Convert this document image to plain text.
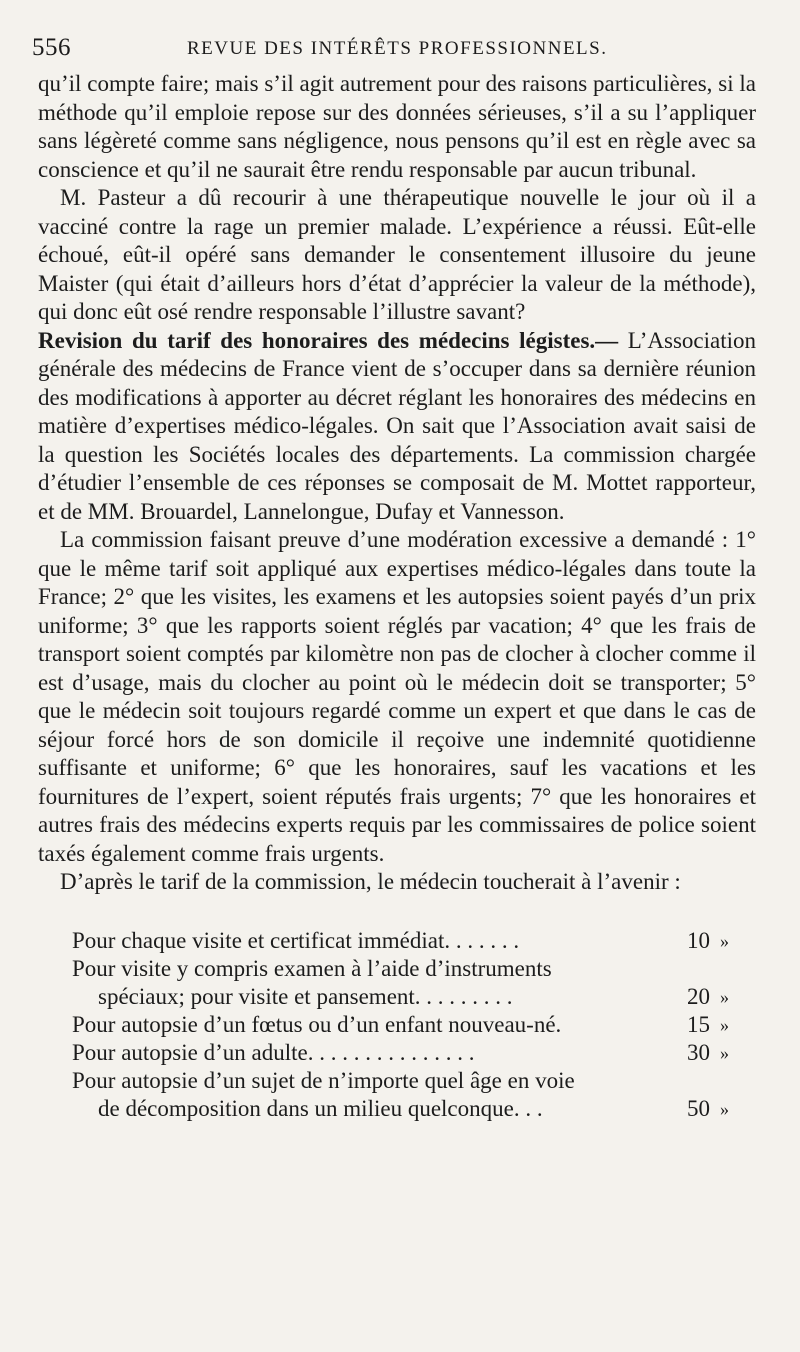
556	REVUE DES INTÉRÊTS PROFESSIONNELS.

qu’il compte faire; mais s’il agit autrement pour des raisons particulières, si la méthode qu’il emploie repose sur des données sérieuses, s’il a su l’appliquer sans légèreté comme sans négligence, nous pensons qu’il est en règle avec sa conscience et qu’il ne saurait être rendu responsable par aucun tribunal.

M. Pasteur a dû recourir à une thérapeutique nouvelle le jour où il a vacciné contre la rage un premier malade. L’expérience a réussi. Eût-elle échoué, eût-il opéré sans demander le consentement illusoire du jeune Maister (qui était d’ailleurs hors d’état d’apprécier la valeur de la méthode), qui donc eût osé rendre responsable l’illustre savant?

Revision du tarif des honoraires des médecins légistes.— L’Association générale des médecins de France vient de s’occuper dans sa dernière réunion des modifications à apporter au décret réglant les honoraires des médecins en matière d’expertises médico-légales. On sait que l’Association avait saisi de la question les Sociétés locales des départements. La commission chargée d’étudier l’ensemble de ces réponses se composait de M. Mottet rapporteur, et de MM. Brouardel, Lannelongue, Dufay et Vannesson.

La commission faisant preuve d’une modération excessive a demandé : 1° que le même tarif soit appliqué aux expertises médico-légales dans toute la France; 2° que les visites, les examens et les autopsies soient payés d’un prix uniforme; 3° que les rapports soient réglés par vacation; 4° que les frais de transport soient comptés par kilomètre non pas de clocher à clocher comme il est d’usage, mais du clocher au point où le médecin doit se transporter; 5° que le médecin soit toujours regardé comme un expert et que dans le cas de séjour forcé hors de son domicile il reçoive une indemnité quotidienne suffisante et uniforme; 6° que les honoraires, sauf les vacations et les fournitures de l’expert, soient réputés frais urgents; 7° que les honoraires et autres frais des médecins experts requis par les commissaires de police soient taxés également comme frais urgents.

D’après le tarif de la commission, le médecin toucherait à l’avenir :

Pour chaque visite et certificat immédiat. . . . . . .	10 »
Pour visite y compris examen à l’aide d’instruments
spéciaux; pour visite et pansement. . . . . . . . .	20 »
Pour autopsie d’un fœtus ou d’un enfant nouveau-né.	15 »
Pour autopsie d’un adulte. . . . . . . . . . . . . . .	30 »
Pour autopsie d’un sujet de n’importe quel âge en voie
de décomposition dans un milieu quelconque. . .	50 »
